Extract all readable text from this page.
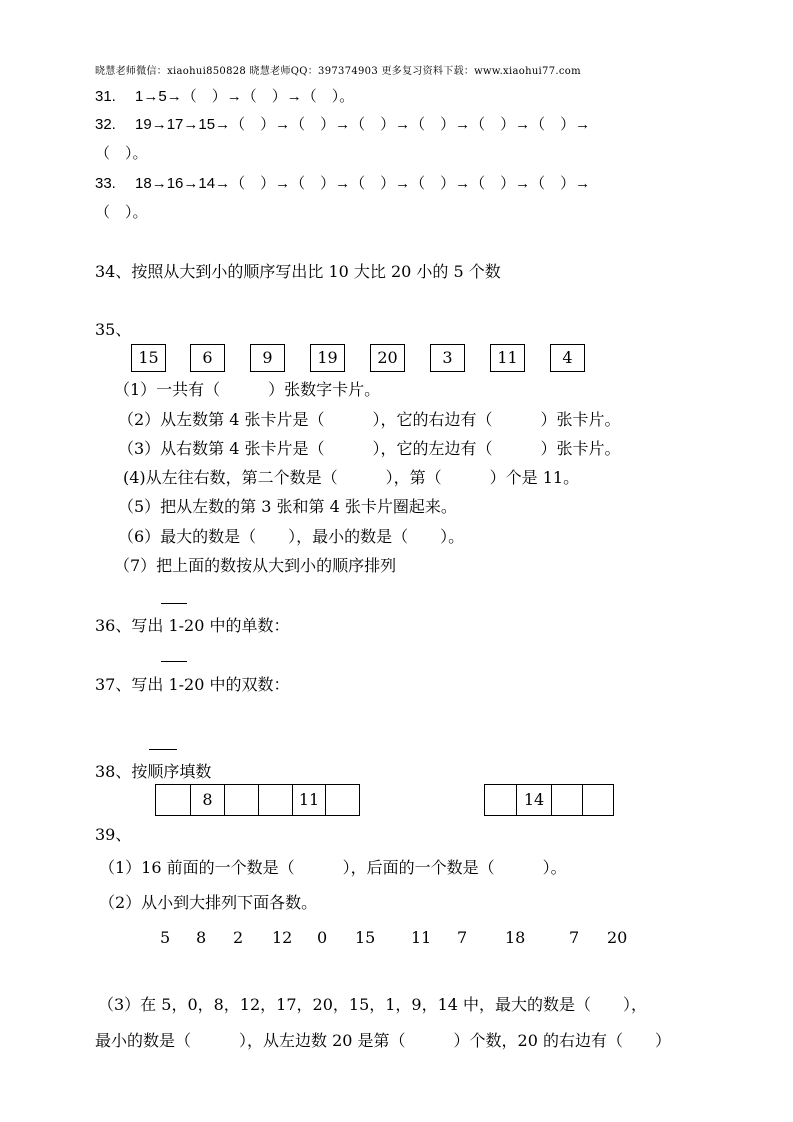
晓慧老师微信：xiaohui850828 晓慧老师QQ：397374903 更多复习资料下载：www.xiaohui77.com
31.　 1→5→（　）→（　）→（　）。
32.　 19→17→15→（　）→（　）→（　）→（　）→（　）→（　）→
（　）。
33.　 18→16→14→（　）→（　）→（　）→（　）→（　）→（　）→
（　）。
34、按照从大到小的顺序写出比 10 大比 20 小的 5 个数
35、
15	6	9	19	20	3	11	4
（1）一共有（　　　）张数字卡片。
（2）从左数第 4 张卡片是（　　　），它的右边有（　　　）张卡片。
（3）从右数第 4 张卡片是（　　　），它的左边有（　　　）张卡片。
(4)从左往右数，第二个数是（　　　），第（　　　）个是 11。
（5）把从左数的第 3 张和第 4 张卡片圈起来。
（6）最大的数是（　　），最小的数是（　　）。
（7）把上面的数按从大到小的顺序排列
36、写出 1-20 中的单数：
37、写出 1-20 中的双数：
38、按顺序填数
8	11	14
39、
（1）16 前面的一个数是（　　　），后面的一个数是（　　　）。
（2）从小到大排列下面各数。
5 8 2 12 0 15 11 7 18	7 20
（3）在 5，0，8，12，17，20，15，1，9，14 中，最大的数是（　　），
最小的数是（　　　），从左边数 20 是第（　　　）个数，20 的右边有（　　）
